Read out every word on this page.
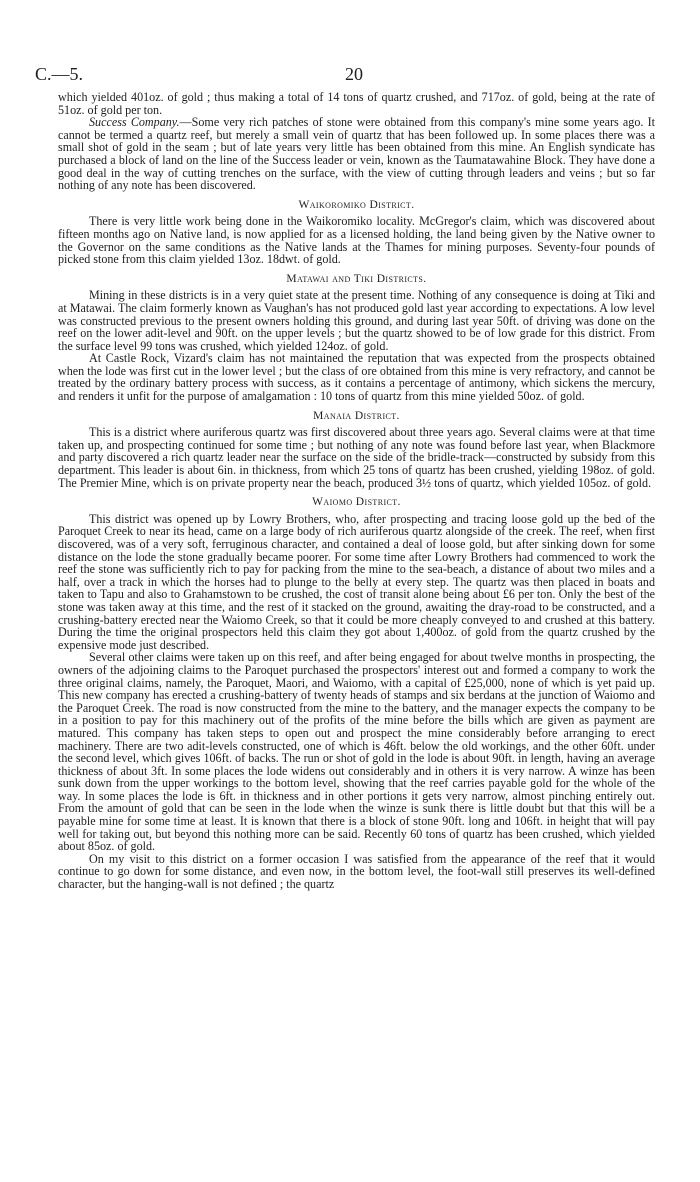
C.—5.	20

which yielded 401oz. of gold ; thus making a total of 14 tons of quartz crushed, and 717oz. of gold, being at the rate of 51oz. of gold per ton.

Success Company.—Some very rich patches of stone were obtained from this company's mine some years ago. It cannot be termed a quartz reef, but merely a small vein of quartz that has been followed up. In some places there was a small shot of gold in the seam ; but of late years very little has been obtained from this mine. An English syndicate has purchased a block of land on the line of the Success leader or vein, known as the Taumatawahine Block. They have done a good deal in the way of cutting trenches on the surface, with the view of cutting through leaders and veins ; but so far nothing of any note has been discovered.

Waikoromiko District.

There is very little work being done in the Waikoromiko locality. McGregor's claim, which was discovered about fifteen months ago on Native land, is now applied for as a licensed holding, the land being given by the Native owner to the Governor on the same conditions as the Native lands at the Thames for mining purposes. Seventy-four pounds of picked stone from this claim yielded 13oz. 18dwt. of gold.

Matawai and Tiki Districts.

Mining in these districts is in a very quiet state at the present time. Nothing of any consequence is doing at Tiki and at Matawai. The claim formerly known as Vaughan's has not produced gold last year according to expectations. A low level was constructed previous to the present owners holding this ground, and during last year 50ft. of driving was done on the reef on the lower adit-level and 90ft. on the upper levels ; but the quartz showed to be of low grade for this district. From the surface level 99 tons was crushed, which yielded 124oz. of gold.

At Castle Rock, Vizard's claim has not maintained the reputation that was expected from the prospects obtained when the lode was first cut in the lower level ; but the class of ore obtained from this mine is very refractory, and cannot be treated by the ordinary battery process with success, as it contains a percentage of antimony, which sickens the mercury, and renders it unfit for the purpose of amalgamation : 10 tons of quartz from this mine yielded 50oz. of gold.

Manaia District.

This is a district where auriferous quartz was first discovered about three years ago. Several claims were at that time taken up, and prospecting continued for some time ; but nothing of any note was found before last year, when Blackmore and party discovered a rich quartz leader near the surface on the side of the bridle-track—constructed by subsidy from this department. This leader is about 6in. in thickness, from which 25 tons of quartz has been crushed, yielding 198oz. of gold. The Premier Mine, which is on private property near the beach, produced 3½ tons of quartz, which yielded 105oz. of gold.

Waiomo District.

This district was opened up by Lowry Brothers, who, after prospecting and tracing loose gold up the bed of the Paroquet Creek to near its head, came on a large body of rich auriferous quartz alongside of the creek. The reef, when first discovered, was of a very soft, ferruginous character, and contained a deal of loose gold, but after sinking down for some distance on the lode the stone gradually became poorer. For some time after Lowry Brothers had commenced to work the reef the stone was sufficiently rich to pay for packing from the mine to the sea-beach, a distance of about two miles and a half, over a track in which the horses had to plunge to the belly at every step. The quartz was then placed in boats and taken to Tapu and also to Grahamstown to be crushed, the cost of transit alone being about £6 per ton. Only the best of the stone was taken away at this time, and the rest of it stacked on the ground, awaiting the dray-road to be constructed, and a crushing-battery erected near the Waiomo Creek, so that it could be more cheaply conveyed to and crushed at this battery. During the time the original prospectors held this claim they got about 1,400oz. of gold from the quartz crushed by the expensive mode just described.

Several other claims were taken up on this reef, and after being engaged for about twelve months in prospecting, the owners of the adjoining claims to the Paroquet purchased the prospectors' interest out and formed a company to work the three original claims, namely, the Paroquet, Maori, and Waiomo, with a capital of £25,000, none of which is yet paid up. This new company has erected a crushing-battery of twenty heads of stamps and six berdans at the junction of Waiomo and the Paroquet Creek. The road is now constructed from the mine to the battery, and the manager expects the company to be in a position to pay for this machinery out of the profits of the mine before the bills which are given as payment are matured. This company has taken steps to open out and prospect the mine considerably before arranging to erect machinery. There are two adit-levels constructed, one of which is 46ft. below the old workings, and the other 60ft. under the second level, which gives 106ft. of backs. The run or shot of gold in the lode is about 90ft. in length, having an average thickness of about 3ft. In some places the lode widens out considerably and in others it is very narrow. A winze has been sunk down from the upper workings to the bottom level, showing that the reef carries payable gold for the whole of the way. In some places the lode is 6ft. in thickness and in other portions it gets very narrow, almost pinching entirely out. From the amount of gold that can be seen in the lode when the winze is sunk there is little doubt but that this will be a payable mine for some time at least. It is known that there is a block of stone 90ft. long and 106ft. in height that will pay well for taking out, but beyond this nothing more can be said. Recently 60 tons of quartz has been crushed, which yielded about 85oz. of gold.

On my visit to this district on a former occasion I was satisfied from the appearance of the reef that it would continue to go down for some distance, and even now, in the bottom level, the foot-wall still preserves its well-defined character, but the hanging-wall is not defined ; the quartz
